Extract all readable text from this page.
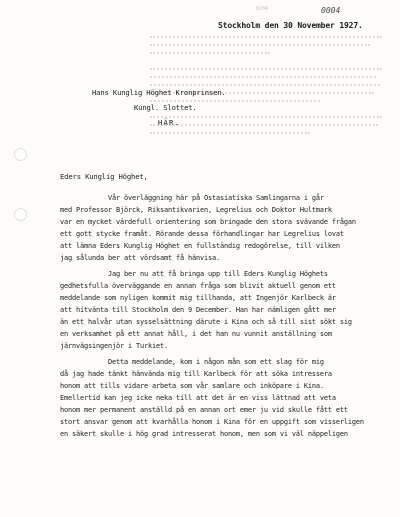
0/04	0004
Stockholm den 30 November 1927.
Hans Kunglig Höghet Kronprinsen.
Kungl. Slottet.
HÄR.
Eders Kunglig Höghet,
Vår överläggning här på Ostasiatiska Samlingarna i går
med Professor Björck, Riksantikvarien, Legrelius och Doktor Hultmark
var en mycket värdefull orientering som bringade den stora svävande frågan
ett gott stycke framåt. Rörande dessa förhandlingar har Legrelius lovat
att lämna Eders Kunglig Höghet en fullständig redogörelse, till vilken
jag sålunda ber att vördsamt få hänvisa.
Jag ber nu att få bringa upp till Eders Kunglig Höghets
gedhetsfulla överväggande en annan fråga som blivit aktuell genom ett
meddelande som nyligen kommit mig tillhanda, att Ingenjör Karlbeck är
att hitvänta till Stockholm den 9 December. Han har nämligen gått mer
än ett halvår utan sysselsättning därute i Kina och så till sist sökt sig
en verksamhet på ett annat håll, i det han nu vunnit anställning som
järnvägsingenjör i Turkiet.
Detta meddelande, kom i någon mån som ett slag för mig
då jag hade tänkt hänvända mig till Karlbeck för att söka intressera
honom att tills vidare arbeta som vår samlare och inköpare i Kina.
Emellertid kan jeg icke neka till att det är en viss lättnad att veta
honom mer permanent anställd på en annan ort emer ju vid skulle fått ett
stort ansvar genom att kvarhålla honom i Kina för en uppgift som visserligen
en säkert skulle i hög grad intresserat honom, men som vi väl näppeligen
